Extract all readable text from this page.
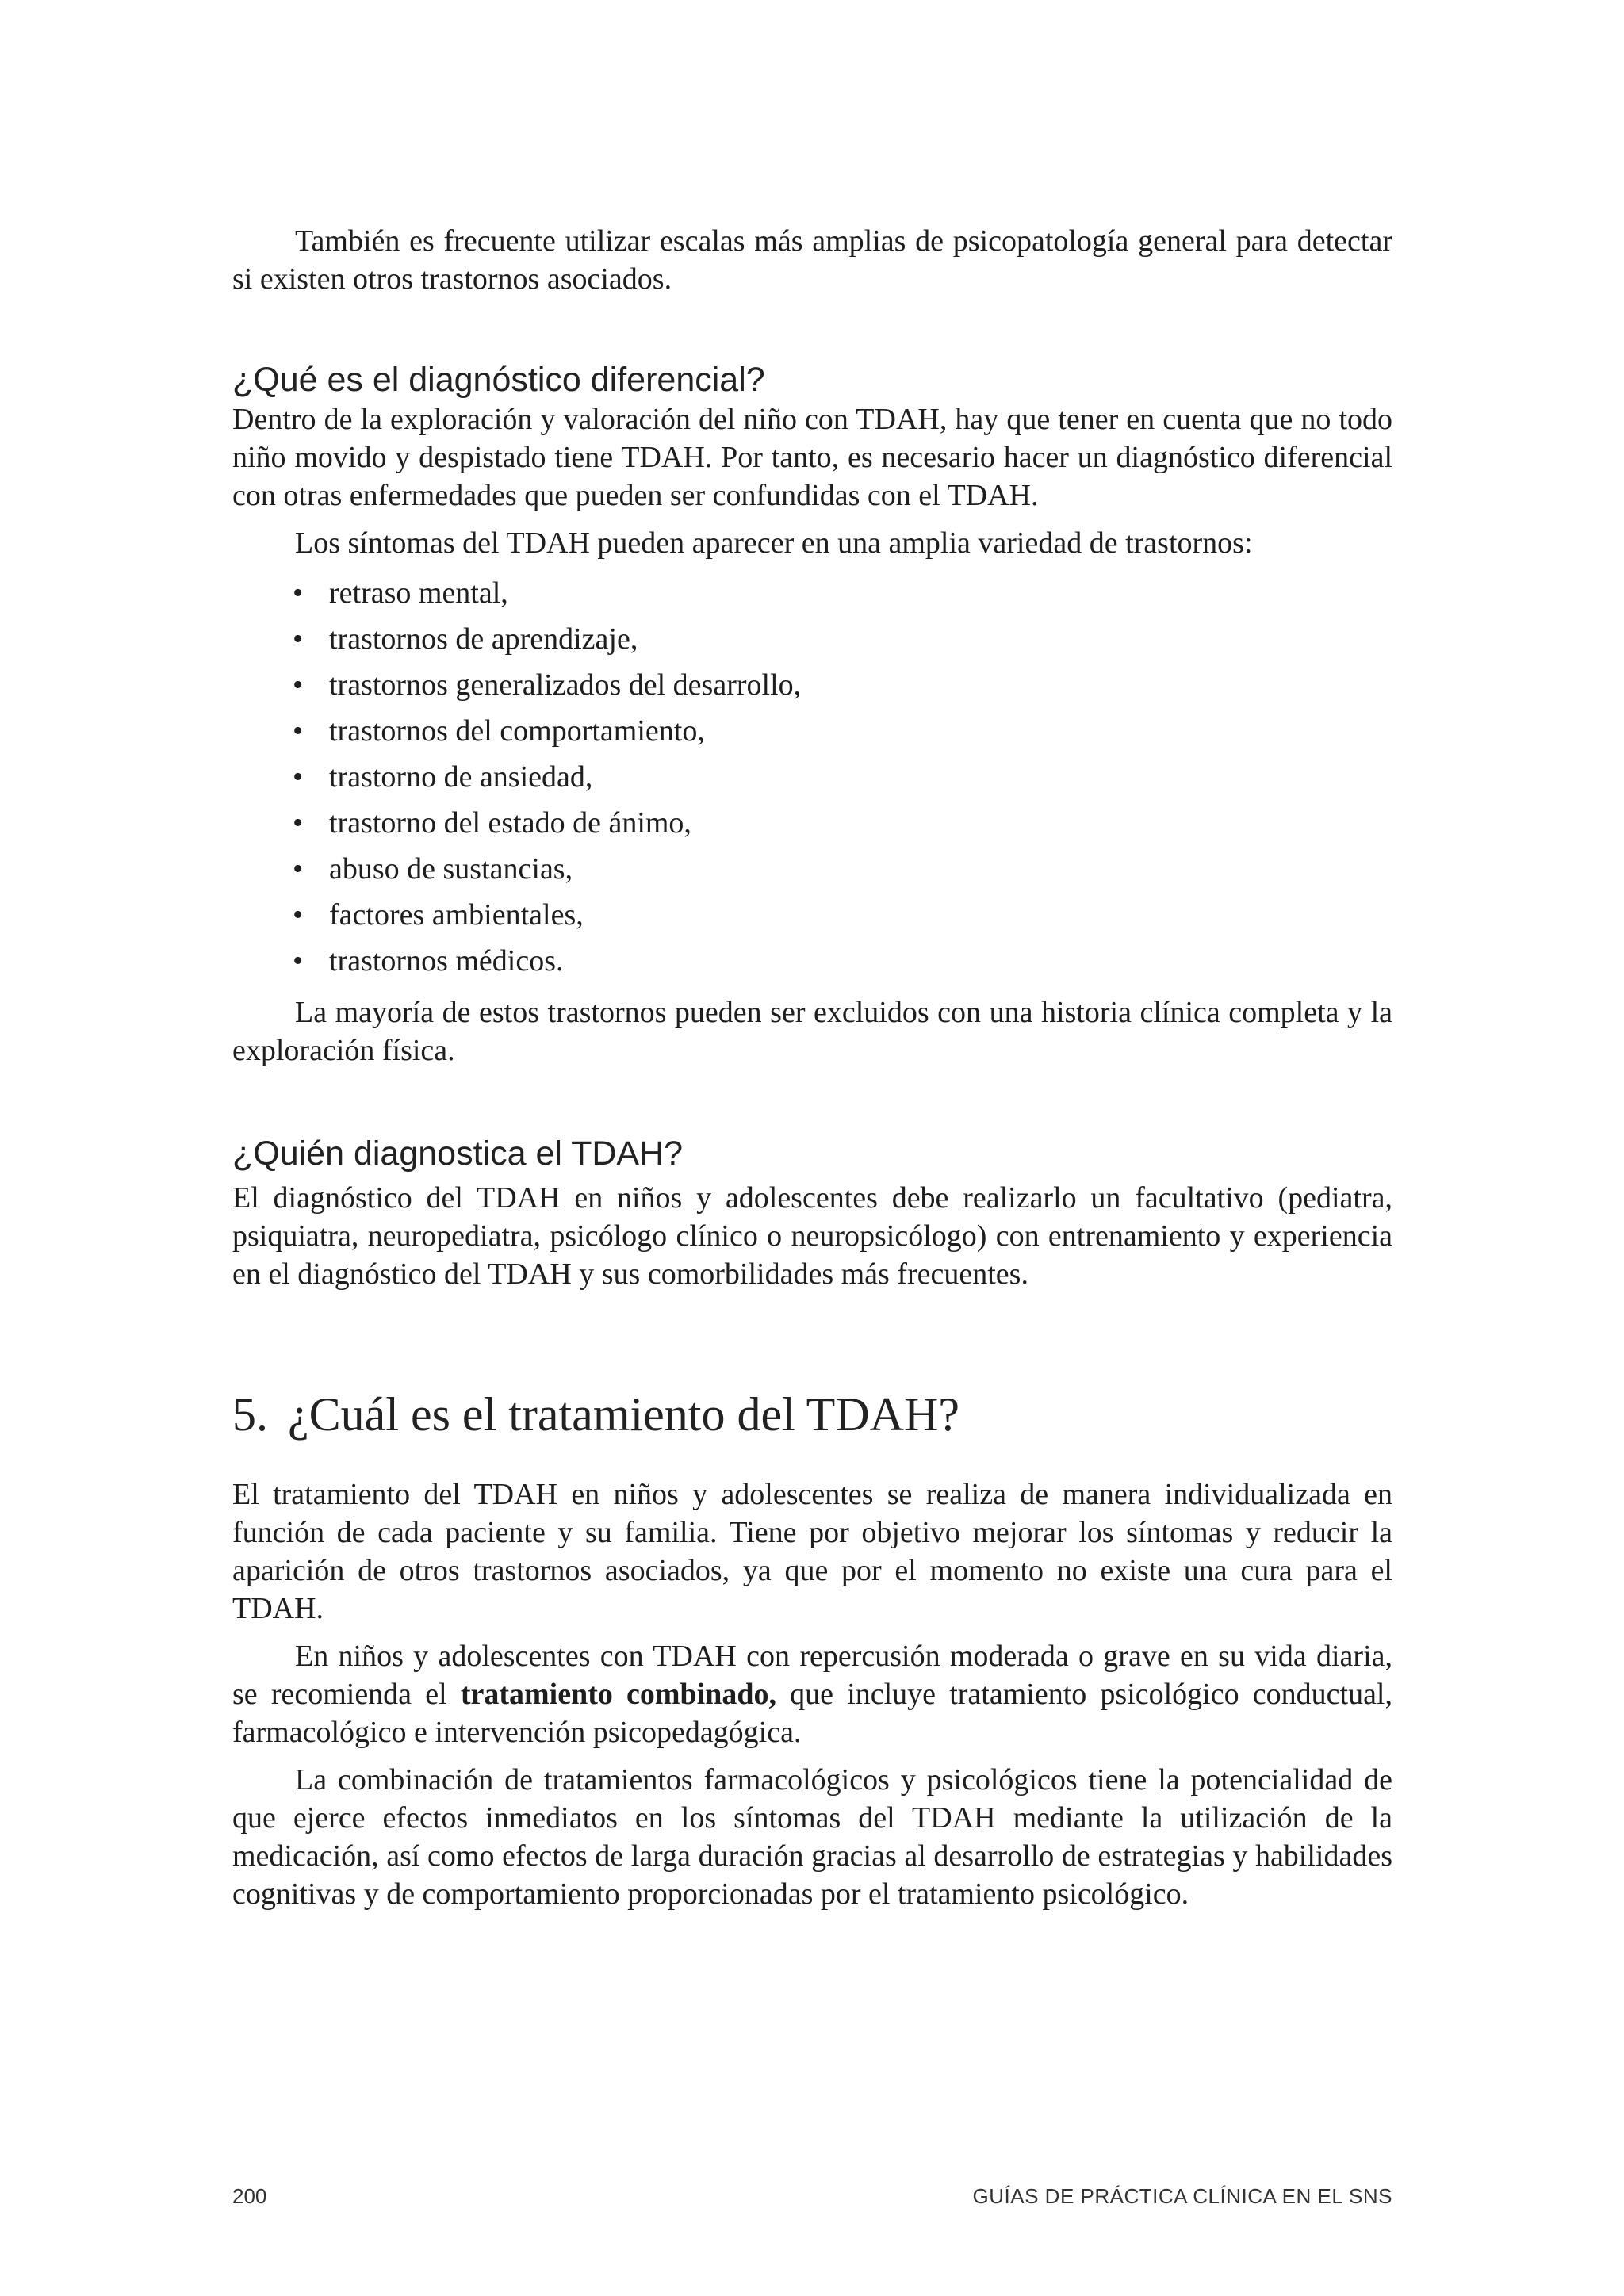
También es frecuente utilizar escalas más amplias de psicopatología general para detectar si existen otros trastornos asociados.

¿Qué es el diagnóstico diferencial?

Dentro de la exploración y valoración del niño con TDAH, hay que tener en cuenta que no todo niño movido y despistado tiene TDAH. Por tanto, es necesario hacer un diagnóstico diferencial con otras enfermedades que pueden ser confundidas con el TDAH.

Los síntomas del TDAH pueden aparecer en una amplia variedad de trastornos:

• retraso mental,
• trastornos de aprendizaje,
• trastornos generalizados del desarrollo,
• trastornos del comportamiento,
• trastorno de ansiedad,
• trastorno del estado de ánimo,
• abuso de sustancias,
• factores ambientales,
• trastornos médicos.

La mayoría de estos trastornos pueden ser excluidos con una historia clínica completa y la exploración física.

¿Quién diagnostica el TDAH?

El diagnóstico del TDAH en niños y adolescentes debe realizarlo un facultativo (pediatra, psiquiatra, neuropediatra, psicólogo clínico o neuropsicólogo) con entrenamiento y experiencia en el diagnóstico del TDAH y sus comorbilidades más frecuentes.

5. ¿Cuál es el tratamiento del TDAH?

El tratamiento del TDAH en niños y adolescentes se realiza de manera individualizada en función de cada paciente y su familia. Tiene por objetivo mejorar los síntomas y reducir la aparición de otros trastornos asociados, ya que por el momento no existe una cura para el TDAH.

En niños y adolescentes con TDAH con repercusión moderada o grave en su vida diaria, se recomienda el tratamiento combinado, que incluye tratamiento psicológico conductual, farmacológico e intervención psicopedagógica.

La combinación de tratamientos farmacológicos y psicológicos tiene la potencialidad de que ejerce efectos inmediatos en los síntomas del TDAH mediante la utilización de la medicación, así como efectos de larga duración gracias al desarrollo de estrategias y habilidades cognitivas y de comportamiento proporcionadas por el tratamiento psicológico.

200	GUÍAS DE PRÁCTICA CLÍNICA EN EL SNS
